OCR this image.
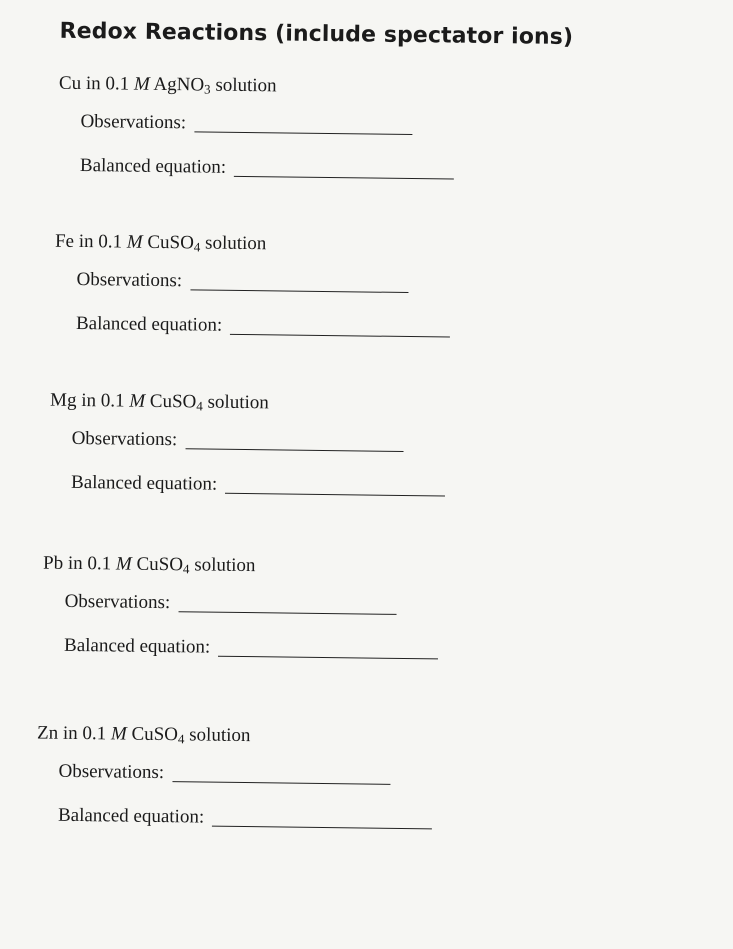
Redox Reactions (include spectator ions)
Cu in 0.1 M AgNO$_3$ solution
Observations:
Balanced equation:
Fe in 0.1 M CuSO$_4$ solution
Observations:
Balanced equation:
Mg in 0.1 M CuSO$_4$ solution
Observations:
Balanced equation:
Pb in 0.1 M CuSO$_4$ solution
Observations:
Balanced equation:
Zn in 0.1 M CuSO$_4$ solution
Observations:
Balanced equation:
